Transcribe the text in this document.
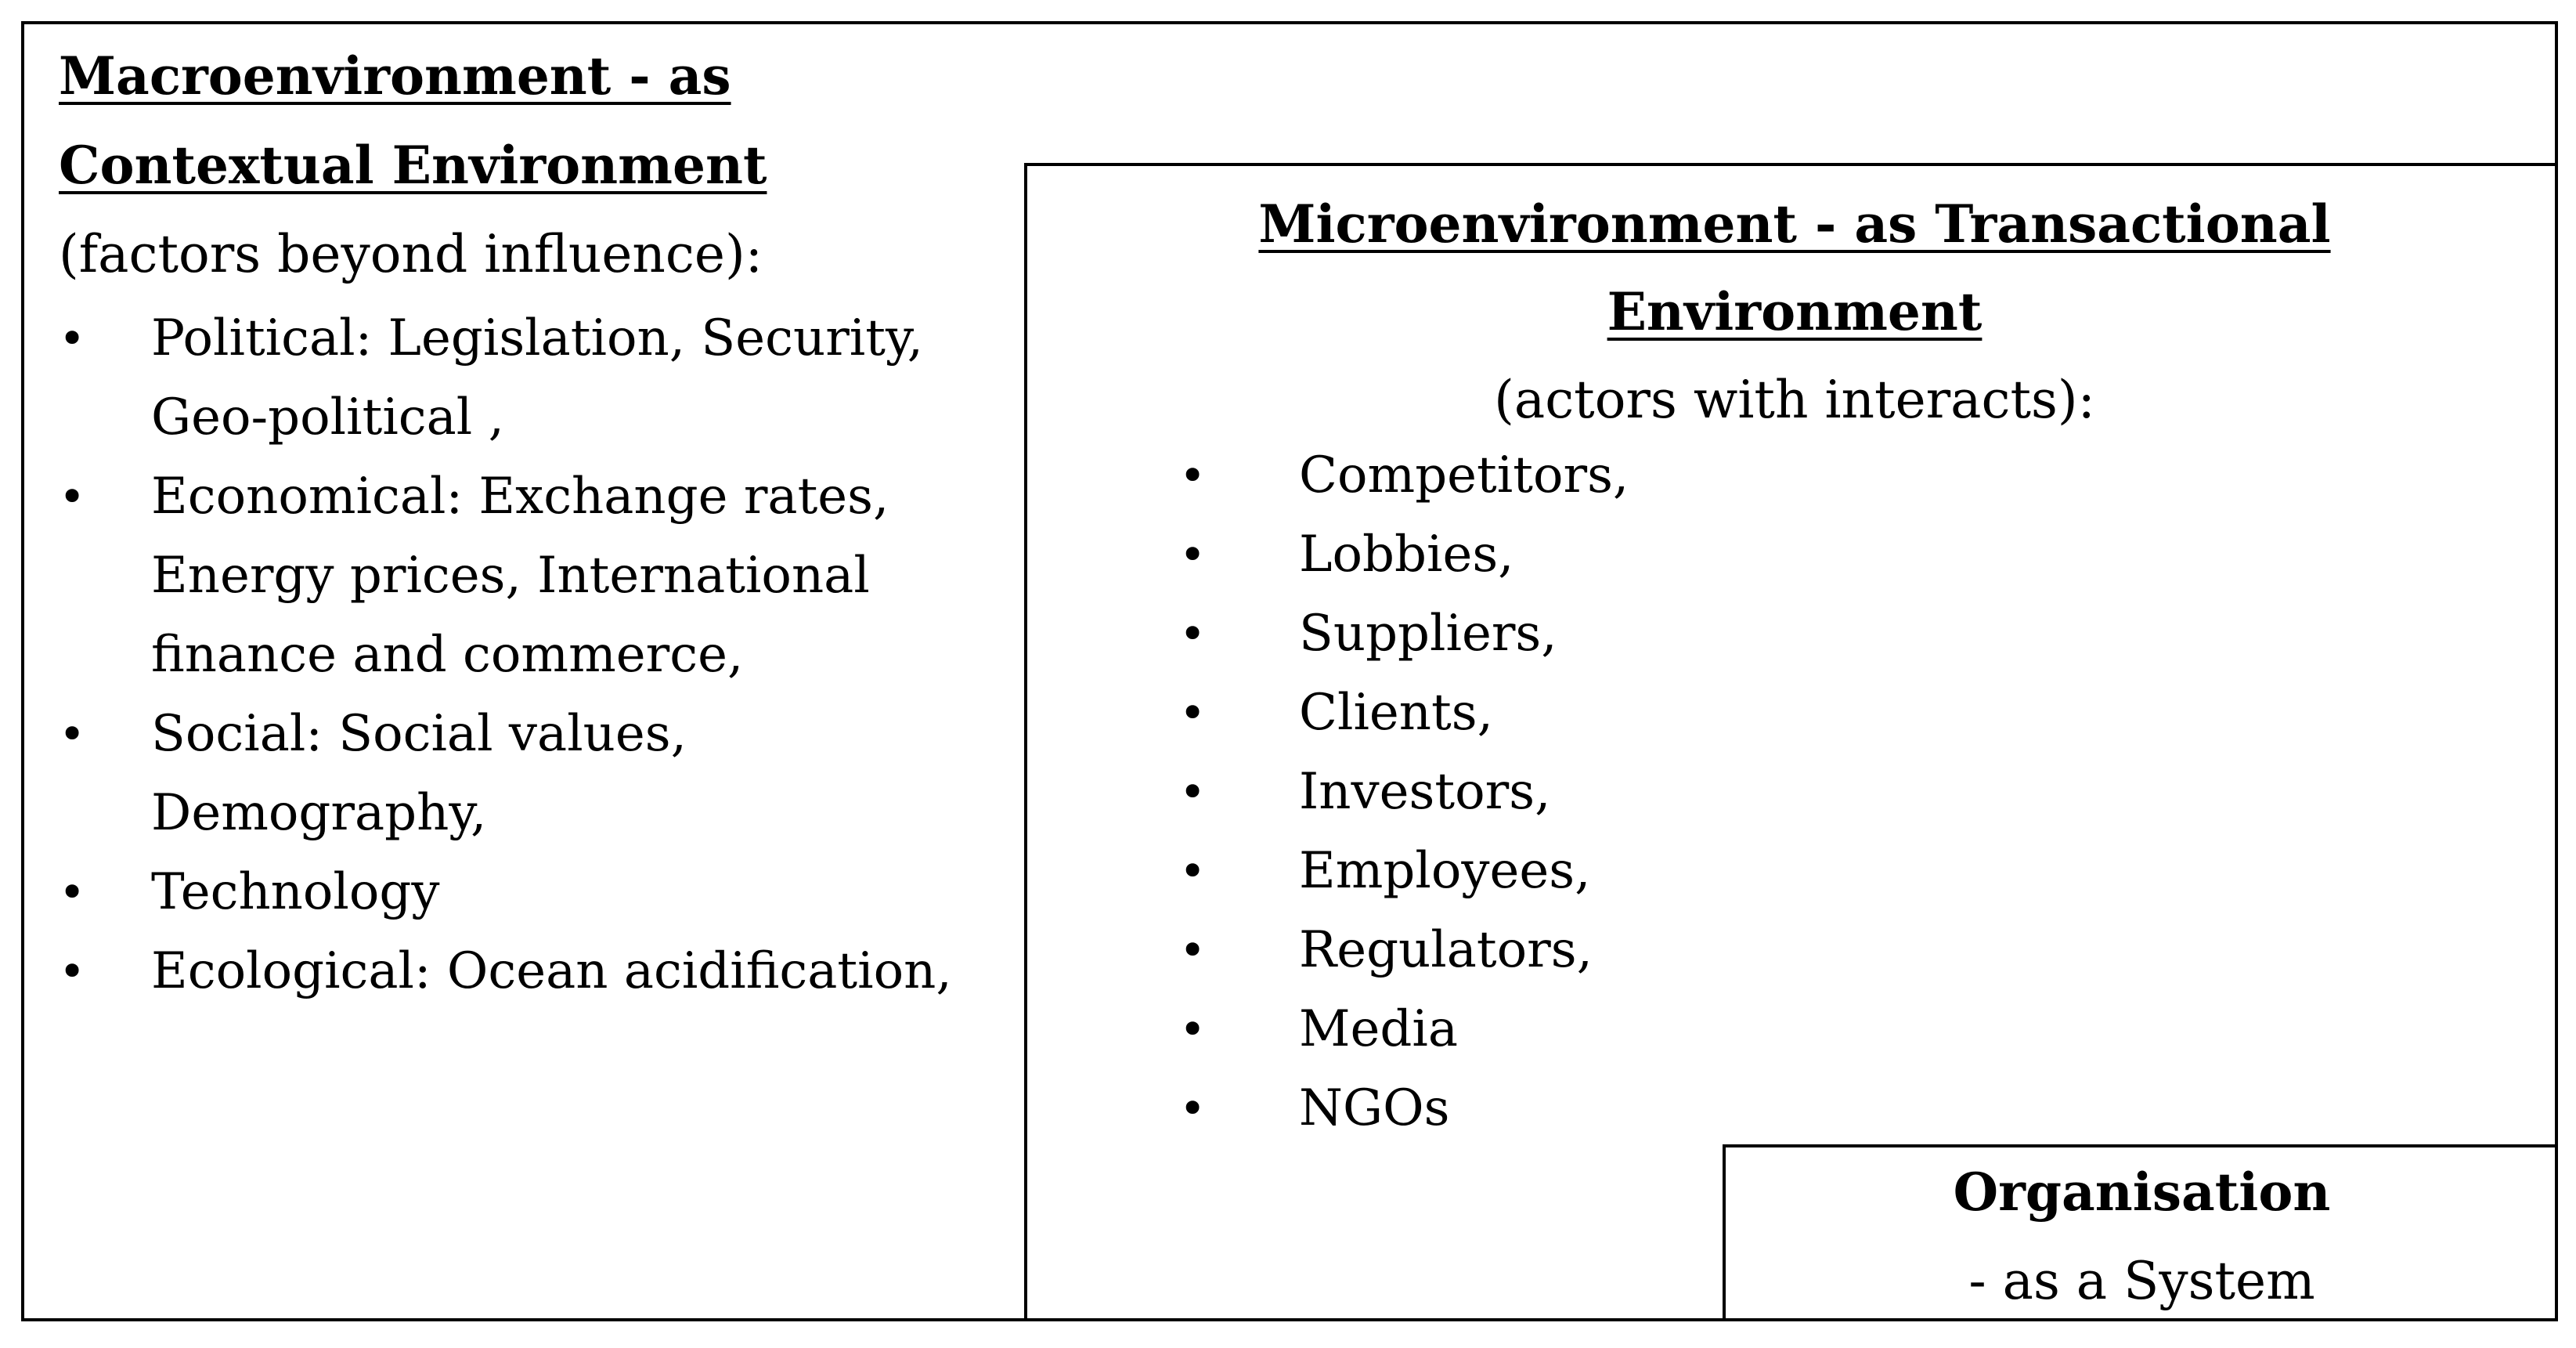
Macroenvironment - as

Contextual Environment

(factors beyond influence):

• Political: Legislation, Security, Geo-political ,
• Economical: Exchange rates, Energy prices, International finance and commerce,
• Social: Social values, Demography,
• Technology
• Ecological: Ocean acidification,

Microenvironment - as Transactional

Environment

(actors with interacts):

• Competitors,
• Lobbies,
• Suppliers,
• Clients,
• Investors,
• Employees,
• Regulators,
• Media
• NGOs
Organisation
- as a System
